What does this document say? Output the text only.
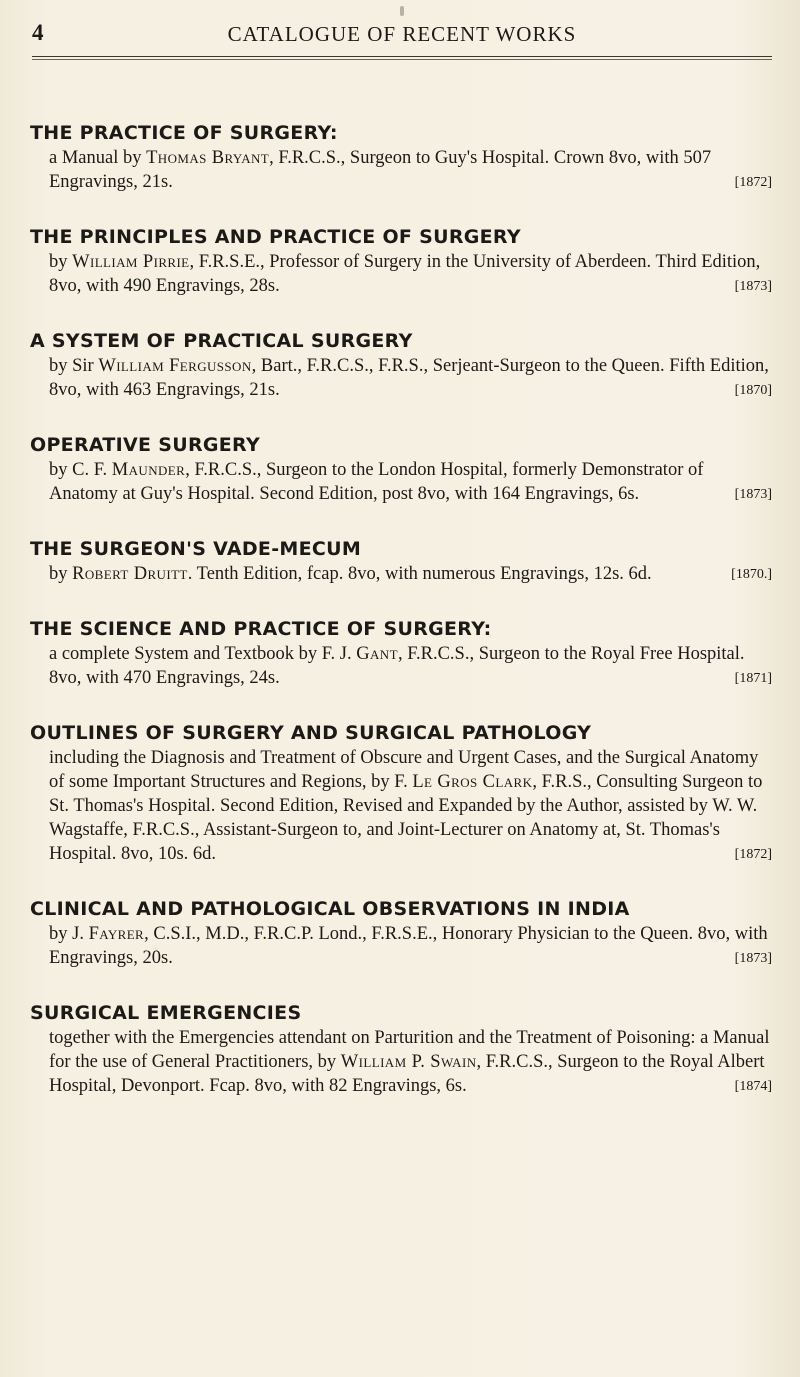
4	CATALOGUE OF RECENT WORKS
THE PRACTICE OF SURGERY:
a Manual by Thomas Bryant, F.R.C.S., Surgeon to Guy's Hospital. Crown 8vo, with 507 Engravings, 21s.	[1872]
THE PRINCIPLES AND PRACTICE OF SURGERY
by William Pirrie, F.R.S.E., Professor of Surgery in the University of Aberdeen. Third Edition, 8vo, with 490 Engravings, 28s.	[1873]
A SYSTEM OF PRACTICAL SURGERY
by Sir William Fergusson, Bart., F.R.C.S., F.R.S., Serjeant-Surgeon to the Queen. Fifth Edition, 8vo, with 463 Engravings, 21s.	[1870]
OPERATIVE SURGERY
by C. F. Maunder, F.R.C.S., Surgeon to the London Hospital, formerly Demonstrator of Anatomy at Guy's Hospital. Second Edition, post 8vo, with 164 Engravings, 6s.	[1873]
THE SURGEON'S VADE-MECUM
by Robert Druitt. Tenth Edition, fcap. 8vo, with numerous Engravings, 12s. 6d.	[1870.]
THE SCIENCE AND PRACTICE OF SURGERY:
a complete System and Textbook by F. J. Gant, F.R.C.S., Surgeon to the Royal Free Hospital. 8vo, with 470 Engravings, 24s.	[1871]
OUTLINES OF SURGERY AND SURGICAL PATHOLOGY
including the Diagnosis and Treatment of Obscure and Urgent Cases, and the Surgical Anatomy of some Important Structures and Regions, by F. Le Gros Clark, F.R.S., Consulting Surgeon to St. Thomas's Hospital. Second Edition, Revised and Expanded by the Author, assisted by W. W. Wagstaffe, F.R.C.S., Assistant-Surgeon to, and Joint-Lecturer on Anatomy at, St. Thomas's Hospital. 8vo, 10s. 6d.	[1872]
CLINICAL AND PATHOLOGICAL OBSERVATIONS IN INDIA
by J. Fayrer, C.S.I., M.D., F.R.C.P. Lond., F.R.S.E., Honorary Physician to the Queen. 8vo, with Engravings, 20s.	[1873]
SURGICAL EMERGENCIES
together with the Emergencies attendant on Parturition and the Treatment of Poisoning: a Manual for the use of General Practitioners, by William P. Swain, F.R.C.S., Surgeon to the Royal Albert Hospital, Devonport. Fcap. 8vo, with 82 Engravings, 6s.	[1874]
